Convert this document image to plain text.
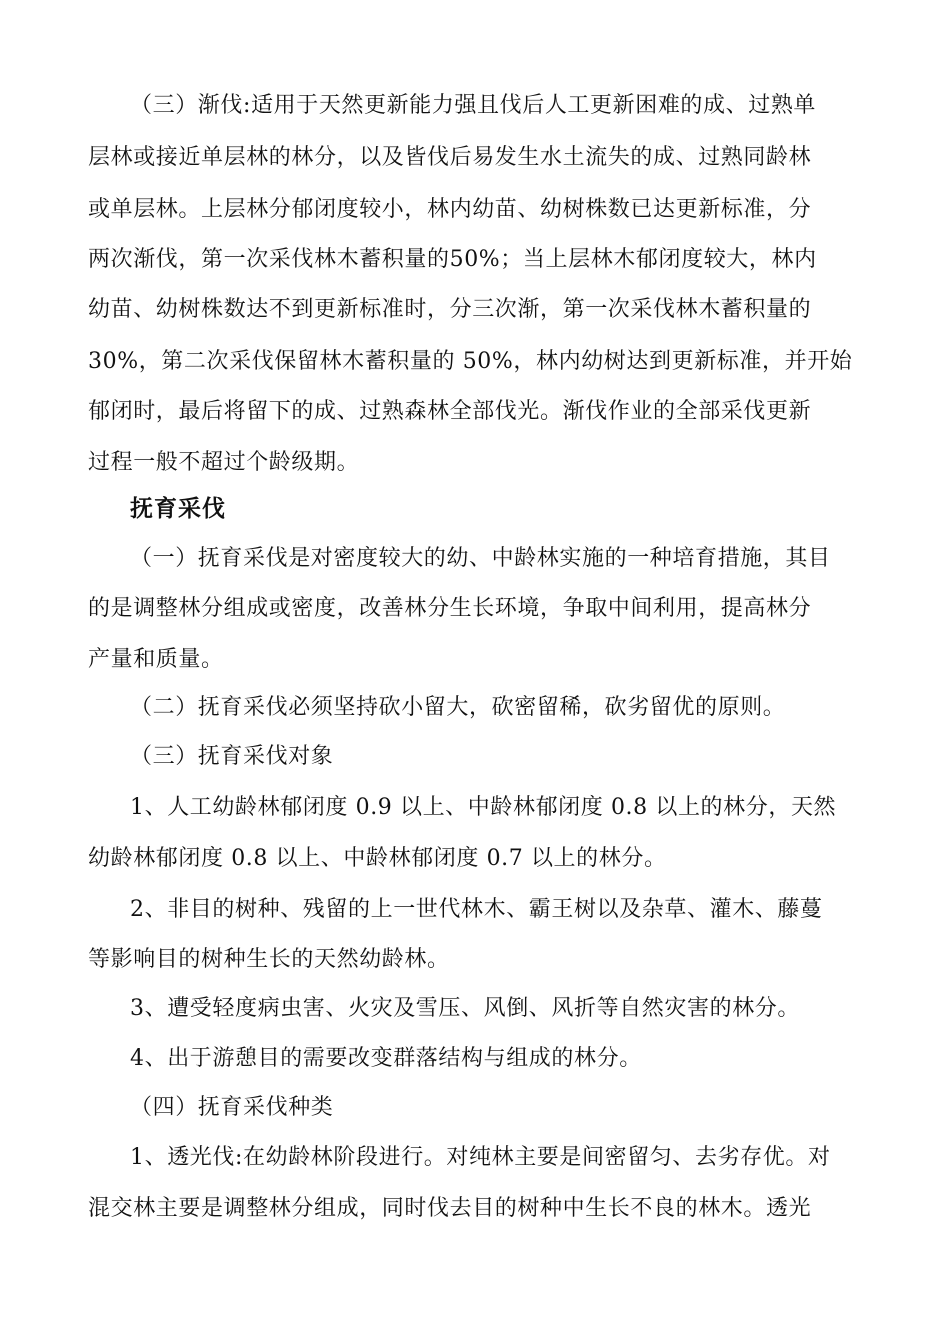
（三）渐伐:适用于天然更新能力强且伐后人工更新困难的成、过熟单
层林或接近单层林的林分，以及皆伐后易发生水土流失的成、过熟同龄林
或单层林。上层林分郁闭度较小，林内幼苗、幼树株数已达更新标准，分
两次渐伐，第一次采伐林木蓄积量的50%；当上层林木郁闭度较大，林内
幼苗、幼树株数达不到更新标准时，分三次渐，第一次采伐林木蓄积量的
30%，第二次采伐保留林木蓄积量的 50%，林内幼树达到更新标准，并开始
郁闭时，最后将留下的成、过熟森林全部伐光。渐伐作业的全部采伐更新
过程一般不超过个龄级期。
抚育采伐
（一）抚育采伐是对密度较大的幼、中龄林实施的一种培育措施，其目
的是调整林分组成或密度，改善林分生长环境，争取中间利用，提高林分
产量和质量。
（二）抚育采伐必须坚持砍小留大，砍密留稀，砍劣留优的原则。
（三）抚育采伐对象
1、人工幼龄林郁闭度 0.9 以上、中龄林郁闭度 0.8 以上的林分，天然
幼龄林郁闭度 0.8 以上、中龄林郁闭度 0.7 以上的林分。
2、非目的树种、残留的上一世代林木、霸王树以及杂草、灌木、藤蔓
等影响目的树种生长的天然幼龄林。
3、遭受轻度病虫害、火灾及雪压、风倒、风折等自然灾害的林分。
4、出于游憩目的需要改变群落结构与组成的林分。
（四）抚育采伐种类
1、透光伐:在幼龄林阶段进行。对纯林主要是间密留匀、去劣存优。对
混交林主要是调整林分组成，同时伐去目的树种中生长不良的林木。透光
